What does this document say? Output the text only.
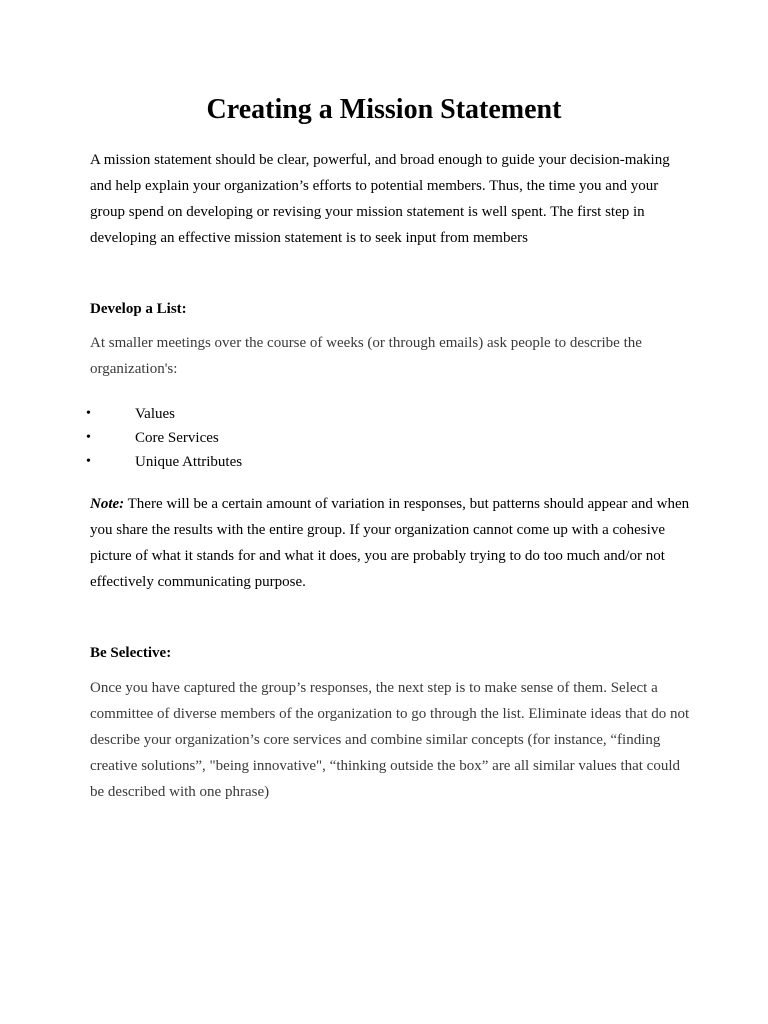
Creating a Mission Statement

A mission statement should be clear, powerful, and broad enough to guide your decision-making and help explain your organization’s efforts to potential members. Thus, the time you and your group spend on developing or revising your mission statement is well spent. The first step in developing an effective mission statement is to seek input from members

Develop a List:

At smaller meetings over the course of weeks (or through emails) ask people to describe the organization's:

•	Values
•	Core Services
•	Unique Attributes

Note: There will be a certain amount of variation in responses, but patterns should appear and when you share the results with the entire group. If your organization cannot come up with a cohesive picture of what it stands for and what it does, you are probably trying to do too much and/or not effectively communicating purpose.

Be Selective:

Once you have captured the group’s responses, the next step is to make sense of them. Select a committee of diverse members of the organization to go through the list. Eliminate ideas that do not describe your organization’s core services and combine similar concepts (for instance, “finding creative solutions”, "being innovative", “thinking outside the box” are all similar values that could be described with one phrase)
